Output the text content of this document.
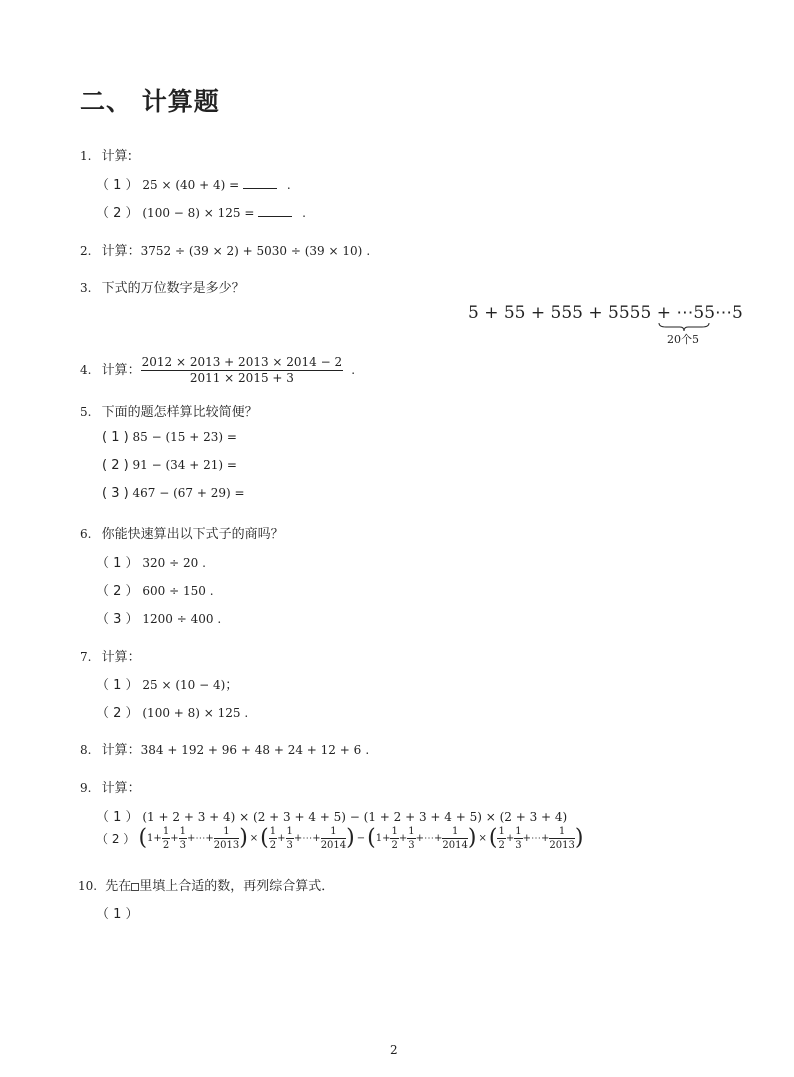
二、 计算题
1. 计算:
（ 1 ） 25 × (40 + 4) =	.
（ 2 ） (100 − 8) × 125 =	.
2. 计算：3752 ÷ (39 × 2) + 5030 ÷ (39 × 10) .
3. 下式的万位数字是多少？
5 + 55 + 555 + 5555 + ⋯55⋯5
20个5
4. 计算： $\frac{2012 \times 2013 + 2013 \times 2014 - 2}{2011 \times 2015 + 3}$ .
5. 下面的题怎样算比较简便？
( 1 ) 85 − (15 + 23) =
( 2 ) 91 − (34 + 21) =
( 3 ) 467 − (67 + 29) =
6. 你能快速算出以下式子的商吗？
（ 1 ） 320 ÷ 20 .
（ 2 ） 600 ÷ 150 .
（ 3 ） 1200 ÷ 400 .
7. 计算：
（ 1 ） 25 × (10 − 4)；
（ 2 ） (100 + 8) × 125 .
8. 计算：384 + 192 + 96 + 48 + 24 + 12 + 6 .
9. 计算：
（ 1 ） (1 + 2 + 3 + 4) × (2 + 3 + 4 + 5) − (1 + 2 + 3 + 4 + 5) × (2 + 3 + 4)
（ 2 ） ($1+ \frac{1}{2} + \frac{1}{3}$ +⋯+ $\frac{1}{2013}$ ) ×( $\frac{1}{2} + \frac{1}{3}$ +⋯+ $\frac{1}{2014}$ ) $-(1+ \frac{1}{2} + \frac{1}{3}$ +⋯+ $\frac{1}{2014}$ ) ×( $\frac{1}{2} + \frac{1}{3}$ +⋯+ $\frac{1}{2013}$ )
10. 先在 里填上合适的数，再列综合算式．
（ 1 ）
2
